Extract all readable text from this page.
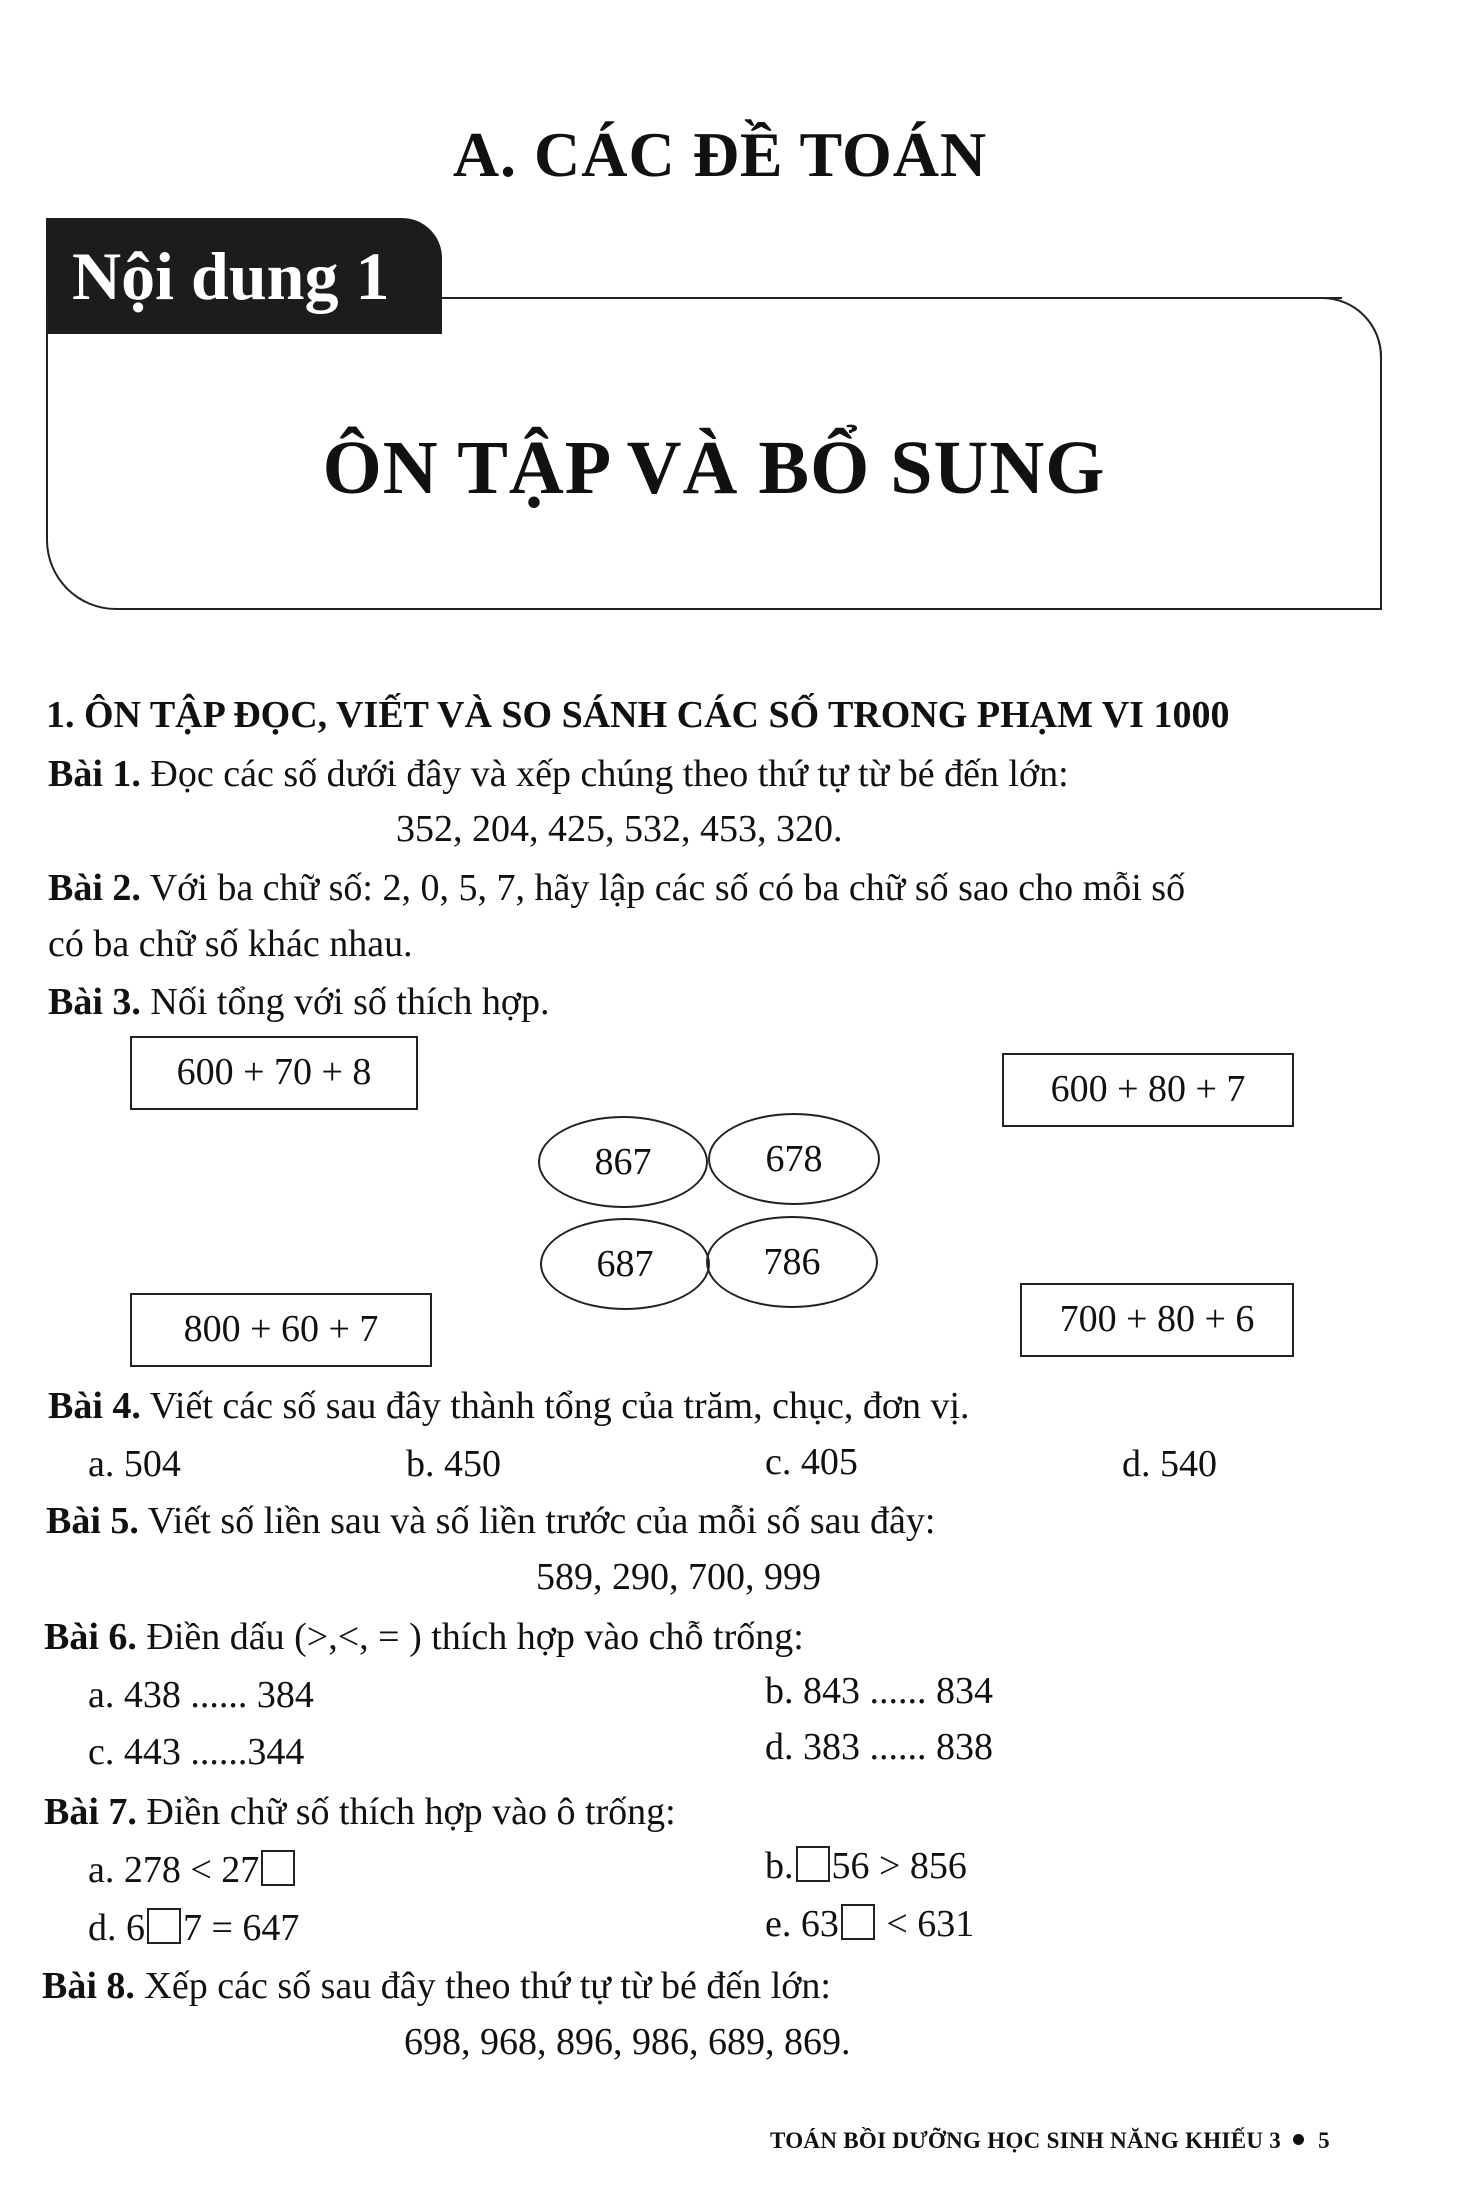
A. CÁC ĐỀ TOÁN
Nội dung 1
ÔN TẬP VÀ BỔ SUNG
1. ÔN TẬP ĐỌC, VIẾT VÀ SO SÁNH CÁC SỐ TRONG PHẠM VI 1000
Bài 1. Đọc các số dưới đây và xếp chúng theo thứ tự từ bé đến lớn:
352, 204, 425, 532, 453, 320.
Bài 2. Với ba chữ số: 2, 0, 5, 7, hãy lập các số có ba chữ số sao cho mỗi số
có ba chữ số khác nhau.
Bài 3. Nối tổng với số thích hợp.
600 + 70 + 8	600 + 80 + 7
800 + 60 + 7	700 + 80 + 6
867	678
687	786
Bài 4. Viết các số sau đây thành tổng của trăm, chục, đơn vị.
a. 504	b. 450	c. 405	d. 540
Bài 5. Viết số liền sau và số liền trước của mỗi số sau đây:
589, 290, 700, 999
Bài 6. Điền dấu (>,<, = ) thích hợp vào chỗ trống:
a. 438 ...... 384	b. 843 ...... 834
c. 443 ......344	d. 383 ...... 838
Bài 7. Điền chữ số thích hợp vào ô trống:
a. 278 < 27	b. 56 > 856
d. 6 7 = 647	e. 63 < 631
Bài 8. Xếp các số sau đây theo thứ tự từ bé đến lớn:
698, 968, 896, 986, 689, 869.
TOÁN BỒI DƯỠNG HỌC SINH NĂNG KHIẾU 3 5
